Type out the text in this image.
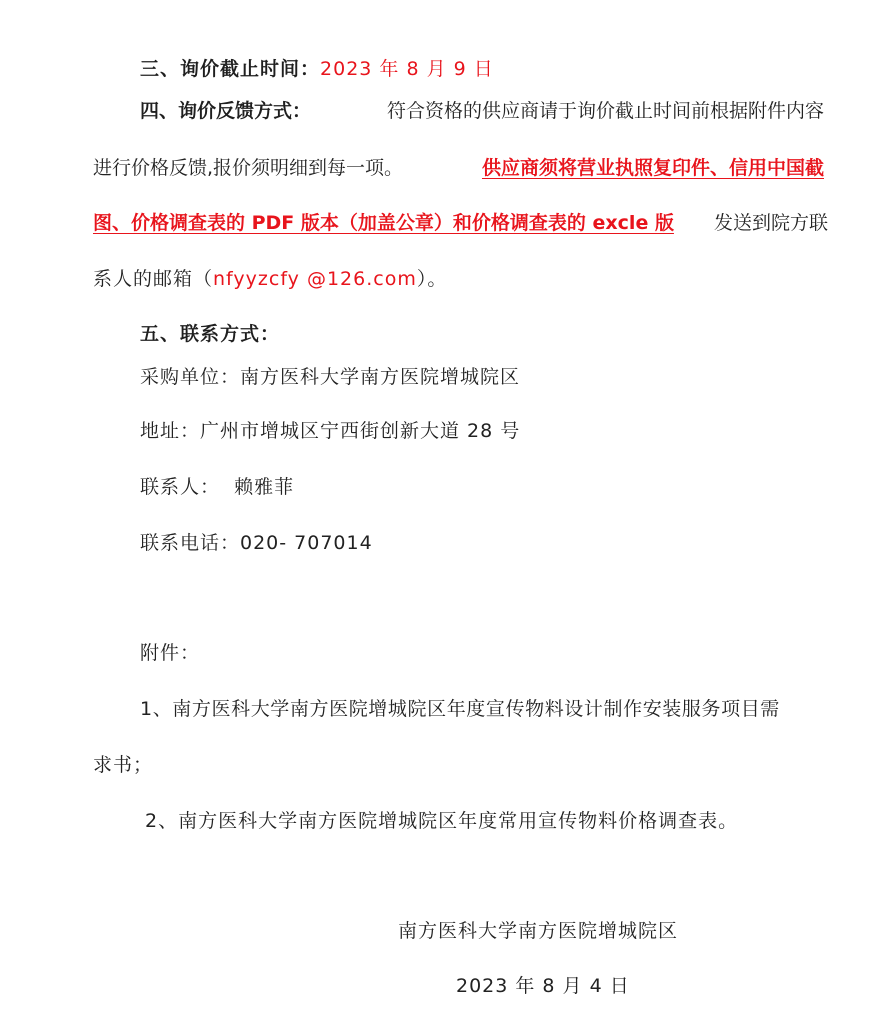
三、询价截止时间：2023 年 8 月 9 日
四、询价反馈方式：	符合资格的供应商请于询价截止时间前根据附件内容
进行价格反馈,报价须明细到每一项。	供应商须将营业执照复印件、信用中国截
图、价格调查表的 PDF 版本（加盖公章）和价格调查表的 excle 版 发送到院方联
系人的邮箱（nfyyzcfy @126.com）。
五、联系方式：
采购单位：南方医科大学南方医院增城院区
地址：广州市增城区宁西街创新大道 28 号
联系人：  赖雅菲
联系电话：020- 707014
附件：
1、南方医科大学南方医院增城院区年度宣传物料设计制作安装服务项目需
求书；
2、南方医科大学南方医院增城院区年度常用宣传物料价格调查表。
南方医科大学南方医院增城院区
2023 年 8 月 4 日
